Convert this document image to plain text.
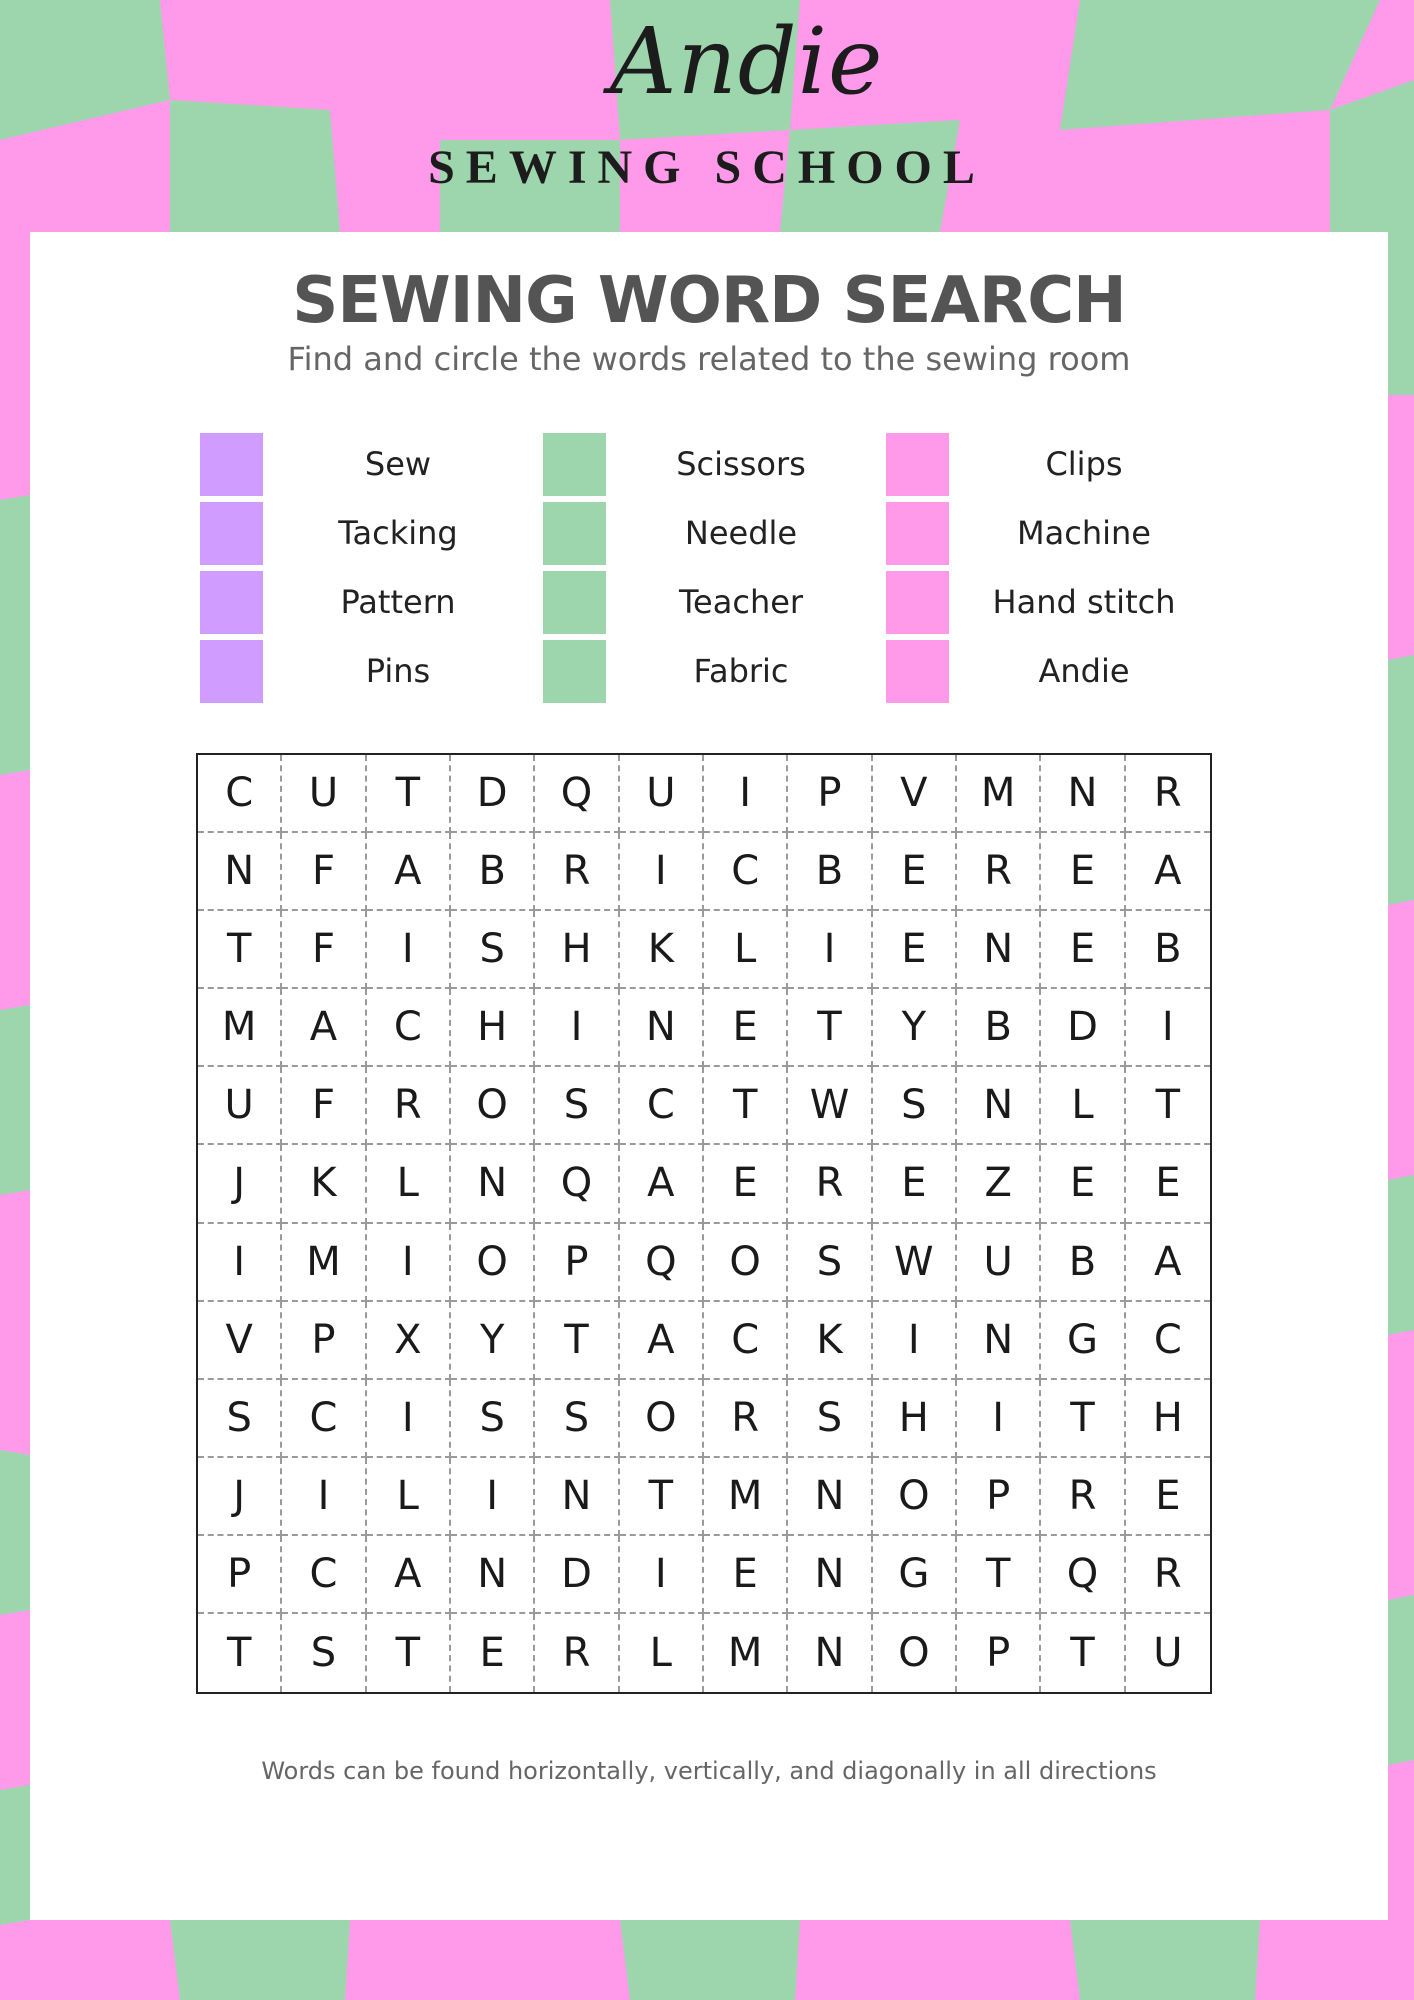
Andie
SEWING SCHOOL
SEWING WORD SEARCH
Find and circle the words related to the sewing room
Sew
Tacking
Pattern
Pins
Scissors
Needle
Teacher
Fabric
Clips
Machine
Hand stitch
Andie
C	U	T	D	Q	U	I	P	V	M	N	R
N	F	A	B	R	I	C	B	E	R	E	A
T	F	I	S	H	K	L	I	E	N	E	B
M	A	C	H	I	N	E	T	Y	B	D	I
U	F	R	O	S	C	T	W	S	N	L	T
J	K	L	N	Q	A	E	R	E	Z	E	E
I	M	I	O	P	Q	O	S	W	U	B	A
V	P	X	Y	T	A	C	K	I	N	G	C
S	C	I	S	S	O	R	S	H	I	T	H
J	I	L	I	N	T	M	N	O	P	R	E
P	C	A	N	D	I	E	N	G	T	Q	R
T	S	T	E	R	L	M	N	O	P	T	U
Words can be found horizontally, vertically, and diagonally in all directions
